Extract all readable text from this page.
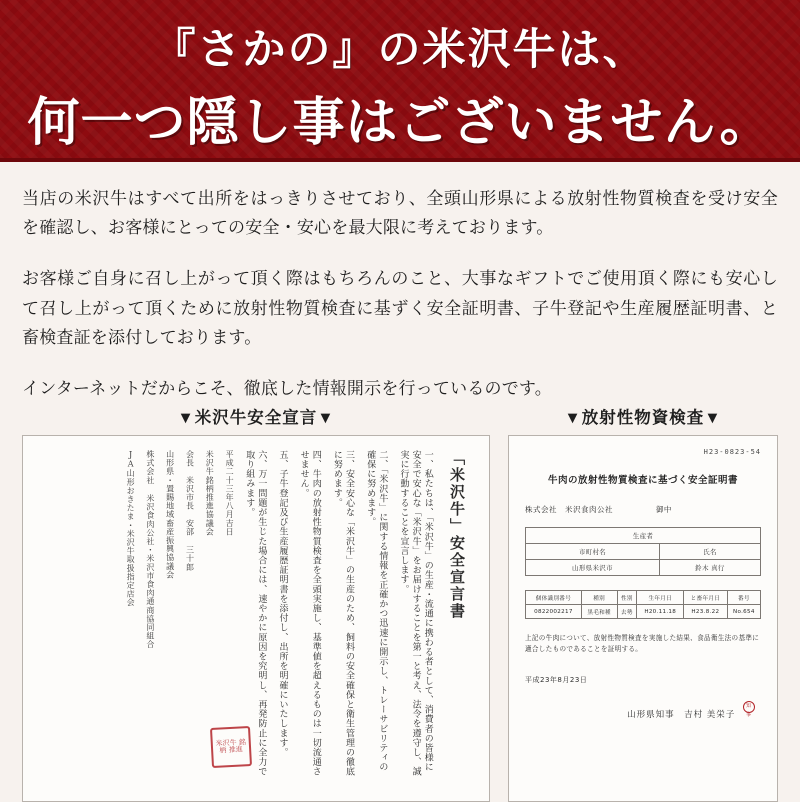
『さかの』の米沢牛は、
何一つ隠し事はございません。

当店の米沢牛はすべて出所をはっきりさせており、全頭山形県による放射性物質検査を受け安全を確認し、お客様にとっての安全・安心を最大限に考えております。

お客様ご自身に召し上がって頂く際はもちろんのこと、大事なギフトでご使用頂く際にも安心して召し上がって頂くために放射性物質検査に基ずく安全証明書、子牛登記や生産履歴証明書、と畜検査証を添付しております。

インターネットだからこそ、徹底した情報開示を行っているのです。

▼米沢牛安全宣言▼
「米沢牛」安全宣言書
一、私たちは、「米沢牛」の生産・流通に携わる者として、消費者の皆様に安全で安心な「米沢牛」をお届けすることを第一と考え、法令を遵守し、誠実に行動することを宣言します。
二、「米沢牛」に関する情報を正確かつ迅速に開示し、トレーサビリティの確保に努めます。
三、安全安心な「米沢牛」の生産のため、飼料の安全確保と衛生管理の徹底に努めます。
四、牛肉の放射性物質検査を全頭実施し、基準値を超えるものは一切流通させません。
五、子牛登記及び生産履歴証明書を添付し、出所を明確にいたします。
六、万一問題が生じた場合には、速やかに原因を究明し、再発防止に全力で取り組みます。
平成二十三年八月吉日
米沢牛銘柄推進協議会
会長　米沢市長　安部 三十郎
山形県・置賜地域畜産振興協議会
株式会社 米沢食肉公社・米沢市食肉通商協同組合
JA山形おきたま・米沢牛取扱指定店会
米沢牛 銘柄 推進
▼放射性物資検査▼
H23-0823-54
牛肉の放射性物質検査に基づく安全証明書
株式会社　米沢食肉公社	御中
生産者	
市町村名	氏名
山形県米沢市	鈴木 真行
個体識別番号	種別	性別	生年月日	と畜年月日	番号
0822002217	黒毛和種	去勢	H20.11.18	H23.8.22	No.654
上記の牛肉について、放射性物質検査を実施した結果、食品衛生法の基準に適合したものであることを証明する。
平成23年8月23日
山形県知事　吉村 美栄子 知事
